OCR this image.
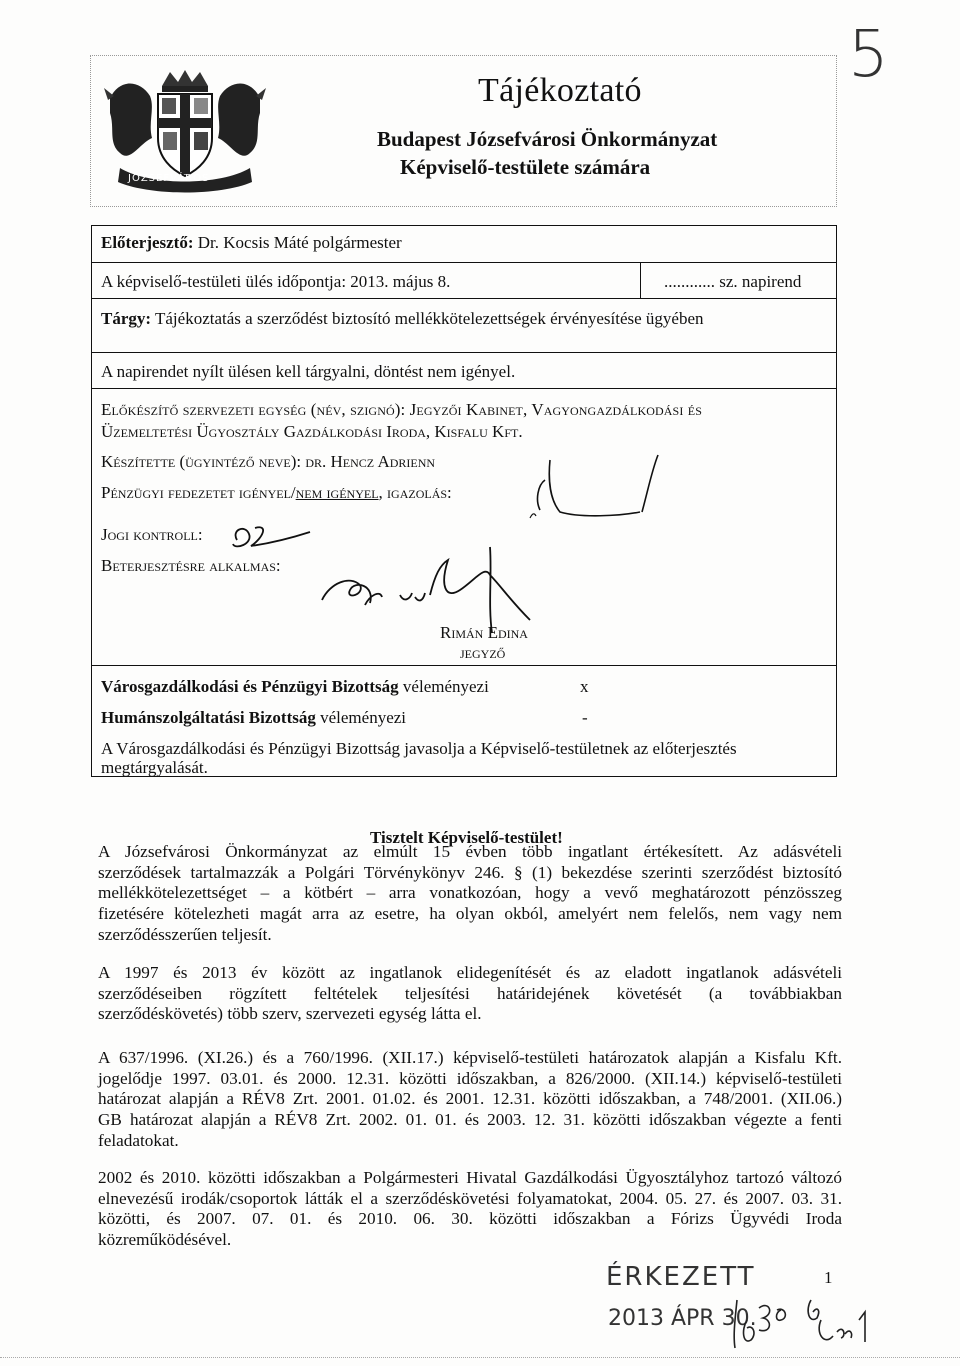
JÓZSEFVÁROS
Tájékoztató
Budapest Józsefvárosi Önkormányzat
Képviselő-testülete számára
5
Előterjesztő: Dr. Kocsis Máté polgármester
A képviselő-testületi ülés időpontja: 2013. május 8.	............ sz. napirend
Tárgy: Tájékoztatás a szerződést biztosító mellékkötelezettségek érvényesítése ügyében
A napirendet nyílt ülésen kell tárgyalni, döntést nem igényel.
Előkészítő szervezeti egység (név, szignó): Jegyzői Kabinet, Vagyongazdálkodási és
Üzemeltetési Ügyosztály Gazdálkodási Iroda, Kisfalu Kft.
Készítette (ügyintéző neve): dr. Hencz Adrienn
Pénzügyi fedezetet igényel/nem igényel, igazolás:
Jogi kontroll:
Beterjesztésre alkalmas:
Rimán Edina
jegyző
Városgazdálkodási és Pénzügyi Bizottság véleményezi	x
Humánszolgáltatási Bizottság véleményezi	-
A Városgazdálkodási és Pénzügyi Bizottság javasolja a Képviselő-testületnek az előterjesztés
megtárgyalását.
Tisztelt Képviselő-testület!
A Józsefvárosi Önkormányzat az elmúlt 15 évben több ingatlant értékesített. Az adásvételi
szerződések tartalmazzák a Polgári Törvénykönyv 246. § (1) bekezdése szerinti szerződést biztosító
mellékkötelezettséget – a kötbért – arra vonatkozóan, hogy a vevő meghatározott pénzösszeg
fizetésére kötelezheti magát arra az esetre, ha olyan okból, amelyért nem felelős, nem vagy nem
szerződésszerűen teljesít.
A 1997 és 2013 év között az ingatlanok elidegenítését és az eladott ingatlanok adásvételi
szerződéseiben rögzített feltételek teljesítési határidejének követését (a továbbiakban
szerződéskövetés) több szerv, szervezeti egység látta el.
A 637/1996. (XI.26.) és a 760/1996. (XII.17.) képviselő-testületi határozatok alapján a Kisfalu Kft.
jogelődje 1997. 03.01. és 2000. 12.31. közötti időszakban, a 826/2000. (XII.14.) képviselő-testületi
határozat alapján a RÉV8 Zrt. 2001. 01.02. és 2001. 12.31. közötti időszakban, a 748/2001. (XII.06.)
GB határozat alapján a RÉV8 Zrt. 2002. 01. 01. és 2003. 12. 31. közötti időszakban végezte a fenti
feladatokat.
2002 és 2010. közötti időszakban a Polgármesteri Hivatal Gazdálkodási Ügyosztályhoz tartozó változó
elnevezésű irodák/csoportok látták el a szerződéskövetési folyamatokat, 2004. 05. 27. és 2007. 03. 31.
közötti, és 2007. 07. 01. és 2010. 06. 30. közötti időszakban a Fórizs Ügyvédi Iroda
közreműködésével.
ÉRKEZETT
2013 ÁPR 30.
1
